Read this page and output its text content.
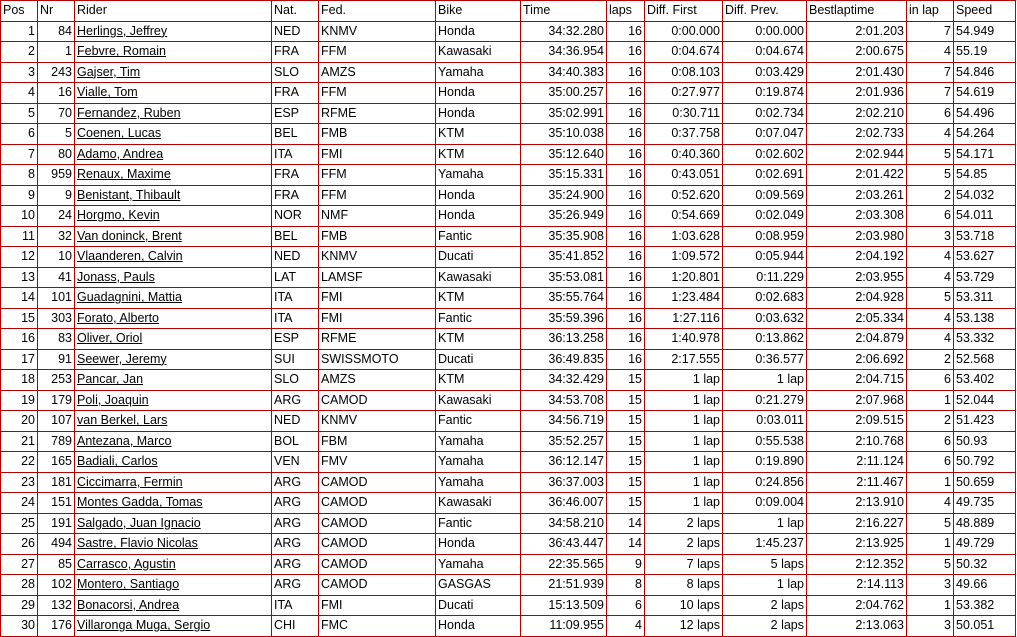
Pos	Nr	Rider	Nat.	Fed.	Bike	Time	laps	Diff. First	Diff. Prev.	Bestlaptime	in lap	Speed
1	84	Herlings, Jeffrey	NED	KNMV	Honda	34:32.280	16	0:00.000	0:00.000	2:01.203	7	54.949
2	1	Febvre, Romain	FRA	FFM	Kawasaki	34:36.954	16	0:04.674	0:04.674	2:00.675	4	55.19
3	243	Gajser, Tim	SLO	AMZS	Yamaha	34:40.383	16	0:08.103	0:03.429	2:01.430	7	54.846
4	16	Vialle, Tom	FRA	FFM	Honda	35:00.257	16	0:27.977	0:19.874	2:01.936	7	54.619
5	70	Fernandez, Ruben	ESP	RFME	Honda	35:02.991	16	0:30.711	0:02.734	2:02.210	6	54.496
6	5	Coenen, Lucas	BEL	FMB	KTM	35:10.038	16	0:37.758	0:07.047	2:02.733	4	54.264
7	80	Adamo, Andrea	ITA	FMI	KTM	35:12.640	16	0:40.360	0:02.602	2:02.944	5	54.171
8	959	Renaux, Maxime	FRA	FFM	Yamaha	35:15.331	16	0:43.051	0:02.691	2:01.422	5	54.85
9	9	Benistant, Thibault	FRA	FFM	Honda	35:24.900	16	0:52.620	0:09.569	2:03.261	2	54.032
10	24	Horgmo, Kevin	NOR	NMF	Honda	35:26.949	16	0:54.669	0:02.049	2:03.308	6	54.011
11	32	Van doninck, Brent	BEL	FMB	Fantic	35:35.908	16	1:03.628	0:08.959	2:03.980	3	53.718
12	10	Vlaanderen, Calvin	NED	KNMV	Ducati	35:41.852	16	1:09.572	0:05.944	2:04.192	4	53.627
13	41	Jonass, Pauls	LAT	LAMSF	Kawasaki	35:53.081	16	1:20.801	0:11.229	2:03.955	4	53.729
14	101	Guadagnini, Mattia	ITA	FMI	KTM	35:55.764	16	1:23.484	0:02.683	2:04.928	5	53.311
15	303	Forato, Alberto	ITA	FMI	Fantic	35:59.396	16	1:27.116	0:03.632	2:05.334	4	53.138
16	83	Oliver, Oriol	ESP	RFME	KTM	36:13.258	16	1:40.978	0:13.862	2:04.879	4	53.332
17	91	Seewer, Jeremy	SUI	SWISSMOTO	Ducati	36:49.835	16	2:17.555	0:36.577	2:06.692	2	52.568
18	253	Pancar, Jan	SLO	AMZS	KTM	34:32.429	15	1 lap	1 lap	2:04.715	6	53.402
19	179	Poli, Joaquin	ARG	CAMOD	Kawasaki	34:53.708	15	1 lap	0:21.279	2:07.968	1	52.044
20	107	van Berkel, Lars	NED	KNMV	Fantic	34:56.719	15	1 lap	0:03.011	2:09.515	2	51.423
21	789	Antezana, Marco	BOL	FBM	Yamaha	35:52.257	15	1 lap	0:55.538	2:10.768	6	50.93
22	165	Badiali, Carlos	VEN	FMV	Yamaha	36:12.147	15	1 lap	0:19.890	2:11.124	6	50.792
23	181	Ciccimarra, Fermin	ARG	CAMOD	Yamaha	36:37.003	15	1 lap	0:24.856	2:11.467	1	50.659
24	151	Montes Gadda, Tomas	ARG	CAMOD	Kawasaki	36:46.007	15	1 lap	0:09.004	2:13.910	4	49.735
25	191	Salgado, Juan Ignacio	ARG	CAMOD	Fantic	34:58.210	14	2 laps	1 lap	2:16.227	5	48.889
26	494	Sastre, Flavio Nicolas	ARG	CAMOD	Honda	36:43.447	14	2 laps	1:45.237	2:13.925	1	49.729
27	85	Carrasco, Agustin	ARG	CAMOD	Yamaha	22:35.565	9	7 laps	5 laps	2:12.352	5	50.32
28	102	Montero, Santiago	ARG	CAMOD	GASGAS	21:51.939	8	8 laps	1 lap	2:14.113	3	49.66
29	132	Bonacorsi, Andrea	ITA	FMI	Ducati	15:13.509	6	10 laps	2 laps	2:04.762	1	53.382
30	176	Villaronga Muga, Sergio	CHI	FMC	Honda	11:09.955	4	12 laps	2 laps	2:13.063	3	50.051
